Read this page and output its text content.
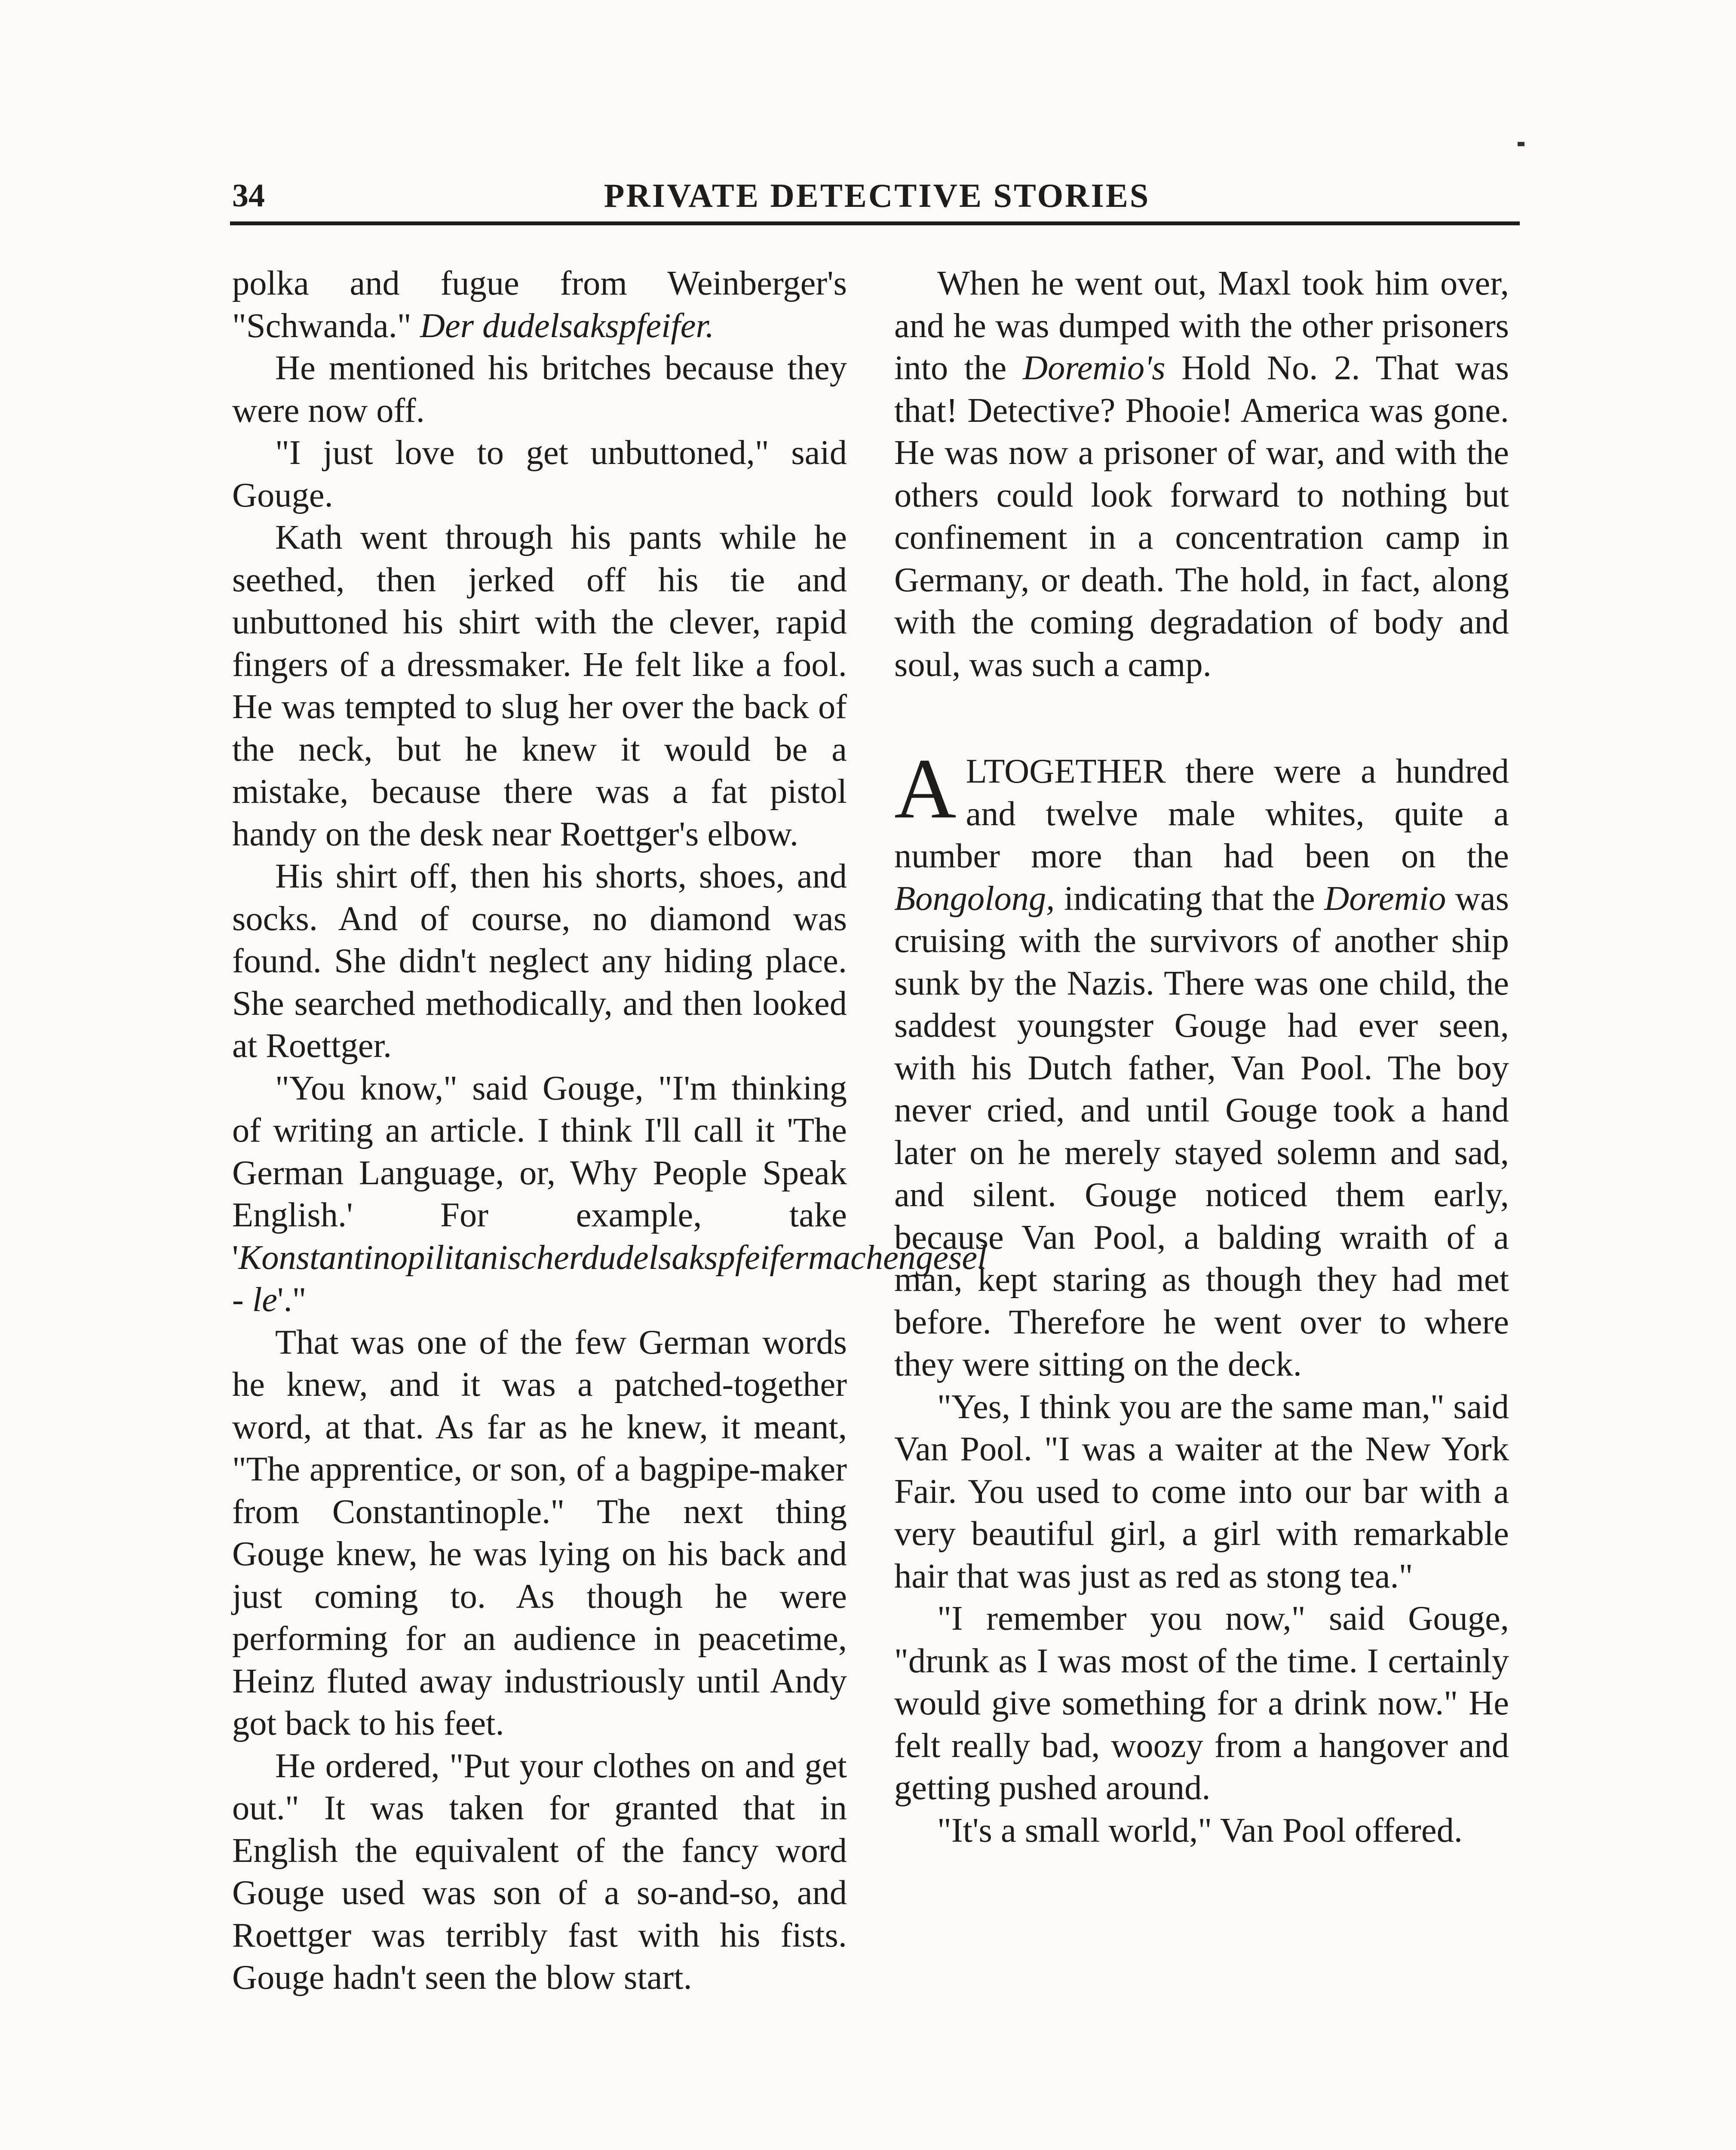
34	PRIVATE DETECTIVE STORIES

polka and fugue from Weinberger's "Schwanda." Der dudelsakspfeifer.

He mentioned his britches because they were now off.

"I just love to get unbuttoned," said Gouge.

Kath went through his pants while he seethed, then jerked off his tie and unbuttoned his shirt with the clever, rapid fingers of a dressmaker. He felt like a fool. He was tempted to slug her over the back of the neck, but he knew it would be a mistake, because there was a fat pistol handy on the desk near Roettger's elbow.

His shirt off, then his shorts, shoes, and socks. And of course, no diamond was found. She didn't neglect any hiding place. She searched methodically, and then looked at Roettger.

"You know," said Gouge, "I'm thinking of writing an article. I think I'll call it 'The German Language, or, Why People Speak English.' For example, take 'Konstantinopilitanischerdudelsakspfeifermachengesel - le'."

That was one of the few German words he knew, and it was a patched-together word, at that. As far as he knew, it meant, "The apprentice, or son, of a bagpipe-maker from Constantinople." The next thing Gouge knew, he was lying on his back and just coming to. As though he were performing for an audience in peacetime, Heinz fluted away industriously until Andy got back to his feet.

He ordered, "Put your clothes on and get out." It was taken for granted that in English the equivalent of the fancy word Gouge used was son of a so-and-so, and Roettger was terribly fast with his fists. Gouge hadn't seen the blow start.

When he went out, Maxl took him over, and he was dumped with the other prisoners into the Doremio's Hold No. 2. That was that! Detective? Phooie! America was gone. He was now a prisoner of war, and with the others could look forward to nothing but confinement in a concentration camp in Germany, or death. The hold, in fact, along with the coming degradation of body and soul, was such a camp.

ALTOGETHER there were a hundred and twelve male whites, quite a number more than had been on the Bongolong, indicating that the Doremio was cruising with the survivors of another ship sunk by the Nazis. There was one child, the saddest youngster Gouge had ever seen, with his Dutch father, Van Pool. The boy never cried, and until Gouge took a hand later on he merely stayed solemn and sad, and silent. Gouge noticed them early, because Van Pool, a balding wraith of a man, kept staring as though they had met before. Therefore he went over to where they were sitting on the deck.

"Yes, I think you are the same man," said Van Pool. "I was a waiter at the New York Fair. You used to come into our bar with a very beautiful girl, a girl with remarkable hair that was just as red as stong tea."

"I remember you now," said Gouge, "drunk as I was most of the time. I certainly would give something for a drink now." He felt really bad, woozy from a hangover and getting pushed around.

"It's a small world," Van Pool offered.
